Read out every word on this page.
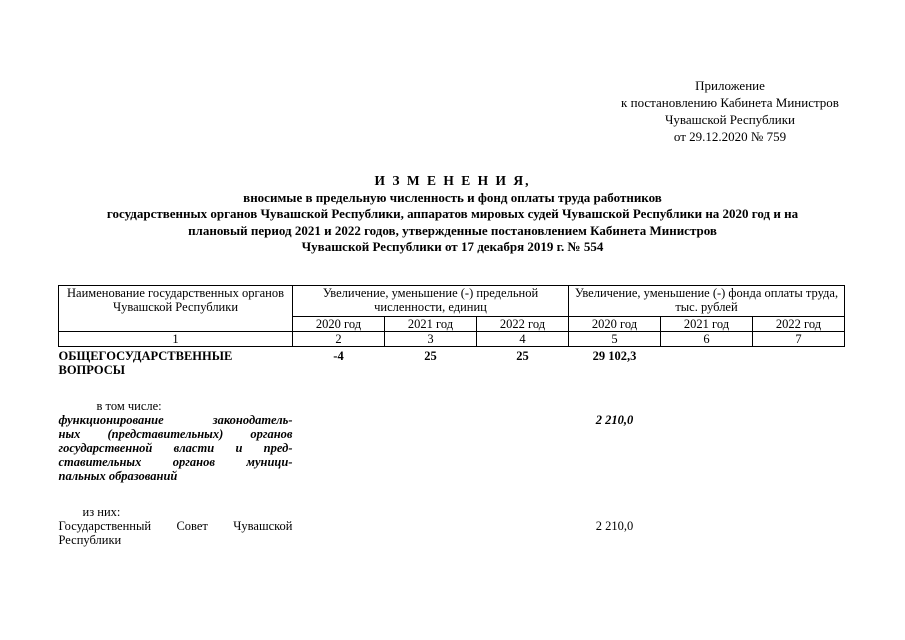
Приложение
к постановлению Кабинета Министров
Чувашской Республики
от 29.12.2020 № 759
И З М Е Н Е Н И Я,
вносимые в предельную численность и фонд оплаты труда работников
государственных органов Чувашской Республики, аппаратов мировых судей Чувашской Республики на 2020 год и на
плановый период 2021 и 2022 годов, утвержденные постановлением Кабинета Министров
Чувашской Республики от 17 декабря 2019 г. № 554
Наименование государственных органов Чувашской Республики	Увеличение, уменьшение (-) предельной численности, единиц			Увеличение, уменьшение (-) фонда оплаты труда, тыс. рублей		
	2020 год	2021 год	2022 год	2020 год	2021 год	2022 год
1	2	3	4	5	6	7

ОБЩЕГОСУДАРСТВЕННЫЕ
ВОПРОСЫ	-4	25	25	29 102,3		
в том числе:						

функционирование законодатель-
ных (представительных) органов
государственной власти и пред-
ставительных органов муници-
пальных образований				2 210,0		
из них:						

Государственный Совет Чувашской
Республики				2 210,0		
